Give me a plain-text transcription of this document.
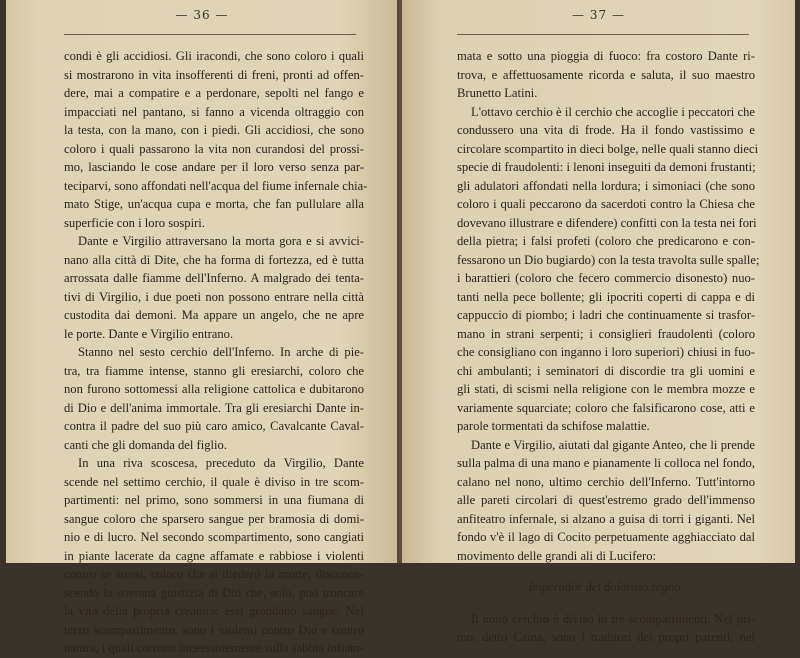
— 36 —
condi è gli accidiosi. Gli iracondi, che sono coloro i quali
si mostrarono in vita insofferenti di freni, pronti ad offen-
dere, mai a compatire e a perdonare, sepolti nel fango e
impacciati nel pantano, si fanno a vicenda oltraggio con
la testa, con la mano, con i piedi. Gli accidiosi, che sono
coloro i quali passarono la vita non curandosi del prossi-
mo, lasciando le cose andare per il loro verso senza par-
teciparvi, sono affondati nell'acqua del fiume infernale chia-
mato Stige, un'acqua cupa e morta, che fan pullulare alla
superficie con i loro sospiri.
Dante e Virgilio attraversano la morta gora e si avvici-
nano alla città di Dite, che ha forma di fortezza, ed è tutta
arrossata dalle fiamme dell'Inferno. A malgrado dei tenta-
tivi di Virgilio, i due poeti non possono entrare nella città
custodita dai demoni. Ma appare un angelo, che ne apre
le porte. Dante e Virgilio entrano.
Stanno nel sesto cerchio dell'Inferno. In arche di pie-
tra, tra fiamme intense, stanno gli eresiarchi, coloro che
non furono sottomessi alla religione cattolica e dubitarono
di Dio e dell'anima immortale. Tra gli eresiarchi Dante in-
contra il padre del suo più caro amico, Cavalcante Caval-
canti che gli domanda del figlio.
In una riva scoscesa, preceduto da Virgilio, Dante
scende nel settimo cerchio, il quale è diviso in tre scom-
partimenti: nel primo, sono sommersi in una fiumana di
sangue coloro che sparsero sangue per bramosia di domi-
nio e di lucro. Nel secondo scompartimento, sono cangiati
in piante lacerate da cagne affamate e rabbiose i violenti
contro se stessi, coloro che si diedero la morte, disconos-
scendo la sovrana giustizia di Dio che, solo, può troncare
la vita della propria creatura: essi grondano sangue. Nel
terzo scompartimento, sono i violenti contro Dio e contro
natura, i quali corrono incessantemente sulla sabbia infiam-
— 37 —
mata e sotto una pioggia di fuoco: fra costoro Dante ri-
trova, e affettuosamente ricorda e saluta, il suo maestro
Brunetto Latini.
L'ottavo cerchio è il cerchio che accoglie i peccatori che
condussero una vita di frode. Ha il fondo vastissimo e
circolare scompartito in dieci bolge, nelle quali stanno dieci
specie di fraudolenti: i lenoni inseguiti da demoni frustanti;
gli adulatori affondati nella lordura; i simoniaci (che sono
coloro i quali peccarono da sacerdoti contro la Chiesa che
dovevano illustrare e difendere) confitti con la testa nei fori
della pietra; i falsi profeti (coloro che predicarono e con-
fessarono un Dio bugiardo) con la testa travolta sulle spalle;
i barattieri (coloro che fecero commercio disonesto) nuo-
tanti nella pece bollente; gli ipocriti coperti di cappa e di
cappuccio di piombo; i ladri che continuamente si trasfor-
mano in strani serpenti; i consiglieri fraudolenti (coloro
che consigliano con inganno i loro superiori) chiusi in fuo-
chi ambulanti; i seminatori di discordie tra gli uomini e
gli stati, di scismi nella religione con le membra mozze e
variamente squarciate; coloro che falsificarono cose, atti e
parole tormentati da schifose malattie.
Dante e Virgilio, aiutati dal gigante Anteo, che li prende
sulla palma di una mano e pianamente li colloca nel fondo,
calano nel nono, ultimo cerchio dell'Inferno. Tutt'intorno
alle pareti circolari di quest'estremo grado dell'immenso
anfiteatro infernale, si alzano a guisa di torri i giganti. Nel
fondo v'è il lago di Cocito perpetuamente agghiacciato dal
movimento delle grandi ali di Lucifero:
Imperador del doloroso regno.
Il nono cerchio è diviso in tre scompartimenti. Nel pri-
mo, detto Caina, sono i traditori dei propri parenti; nel
